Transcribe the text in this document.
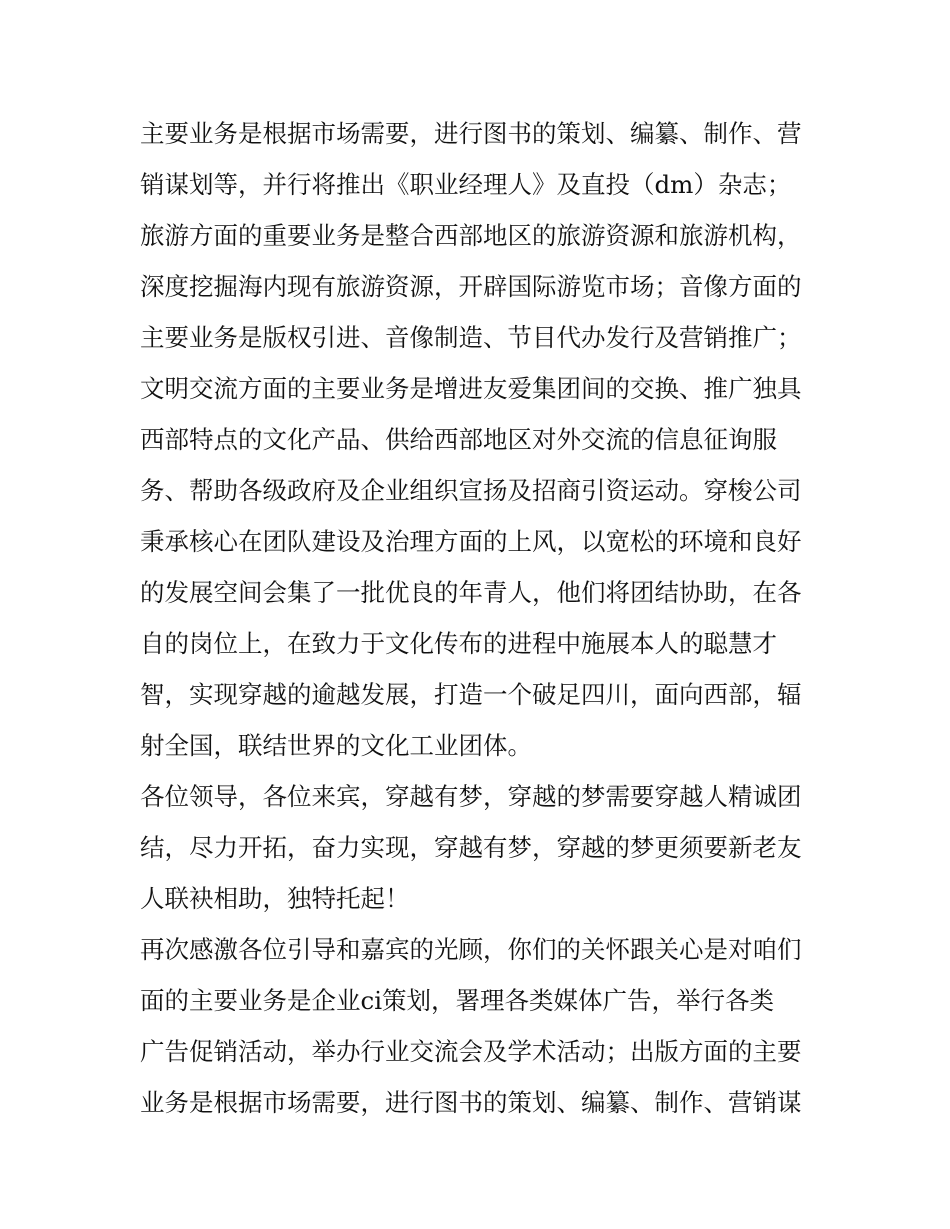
主要业务是根据市场需要，进行图书的策划、编纂、制作、营
销谋划等，并行将推出《职业经理人》及直投（dm）杂志；
旅游方面的重要业务是整合西部地区的旅游资源和旅游机构，
深度挖掘海内现有旅游资源，开辟国际游览市场；音像方面的
主要业务是版权引进、音像制造、节目代办发行及营销推广；
文明交流方面的主要业务是增进友爱集团间的交换、推广独具
西部特点的文化产品、供给西部地区对外交流的信息征询服
务、帮助各级政府及企业组织宣扬及招商引资运动。穿梭公司
秉承核心在团队建设及治理方面的上风，以宽松的环境和良好
的发展空间会集了一批优良的年青人，他们将团结协助，在各
自的岗位上，在致力于文化传布的进程中施展本人的聪慧才
智，实现穿越的逾越发展，打造一个破足四川，面向西部，辐
射全国，联结世界的文化工业团体。
各位领导，各位来宾，穿越有梦，穿越的梦需要穿越人精诚团
结，尽力开拓，奋力实现，穿越有梦，穿越的梦更须要新老友
人联袂相助，独特托起！
再次感激各位引导和嘉宾的光顾，你们的关怀跟关心是对咱们
面的主要业务是企业ci策划，署理各类媒体广告，举行各类
广告促销活动，举办行业交流会及学术活动；出版方面的主要
业务是根据市场需要，进行图书的策划、编纂、制作、营销谋
